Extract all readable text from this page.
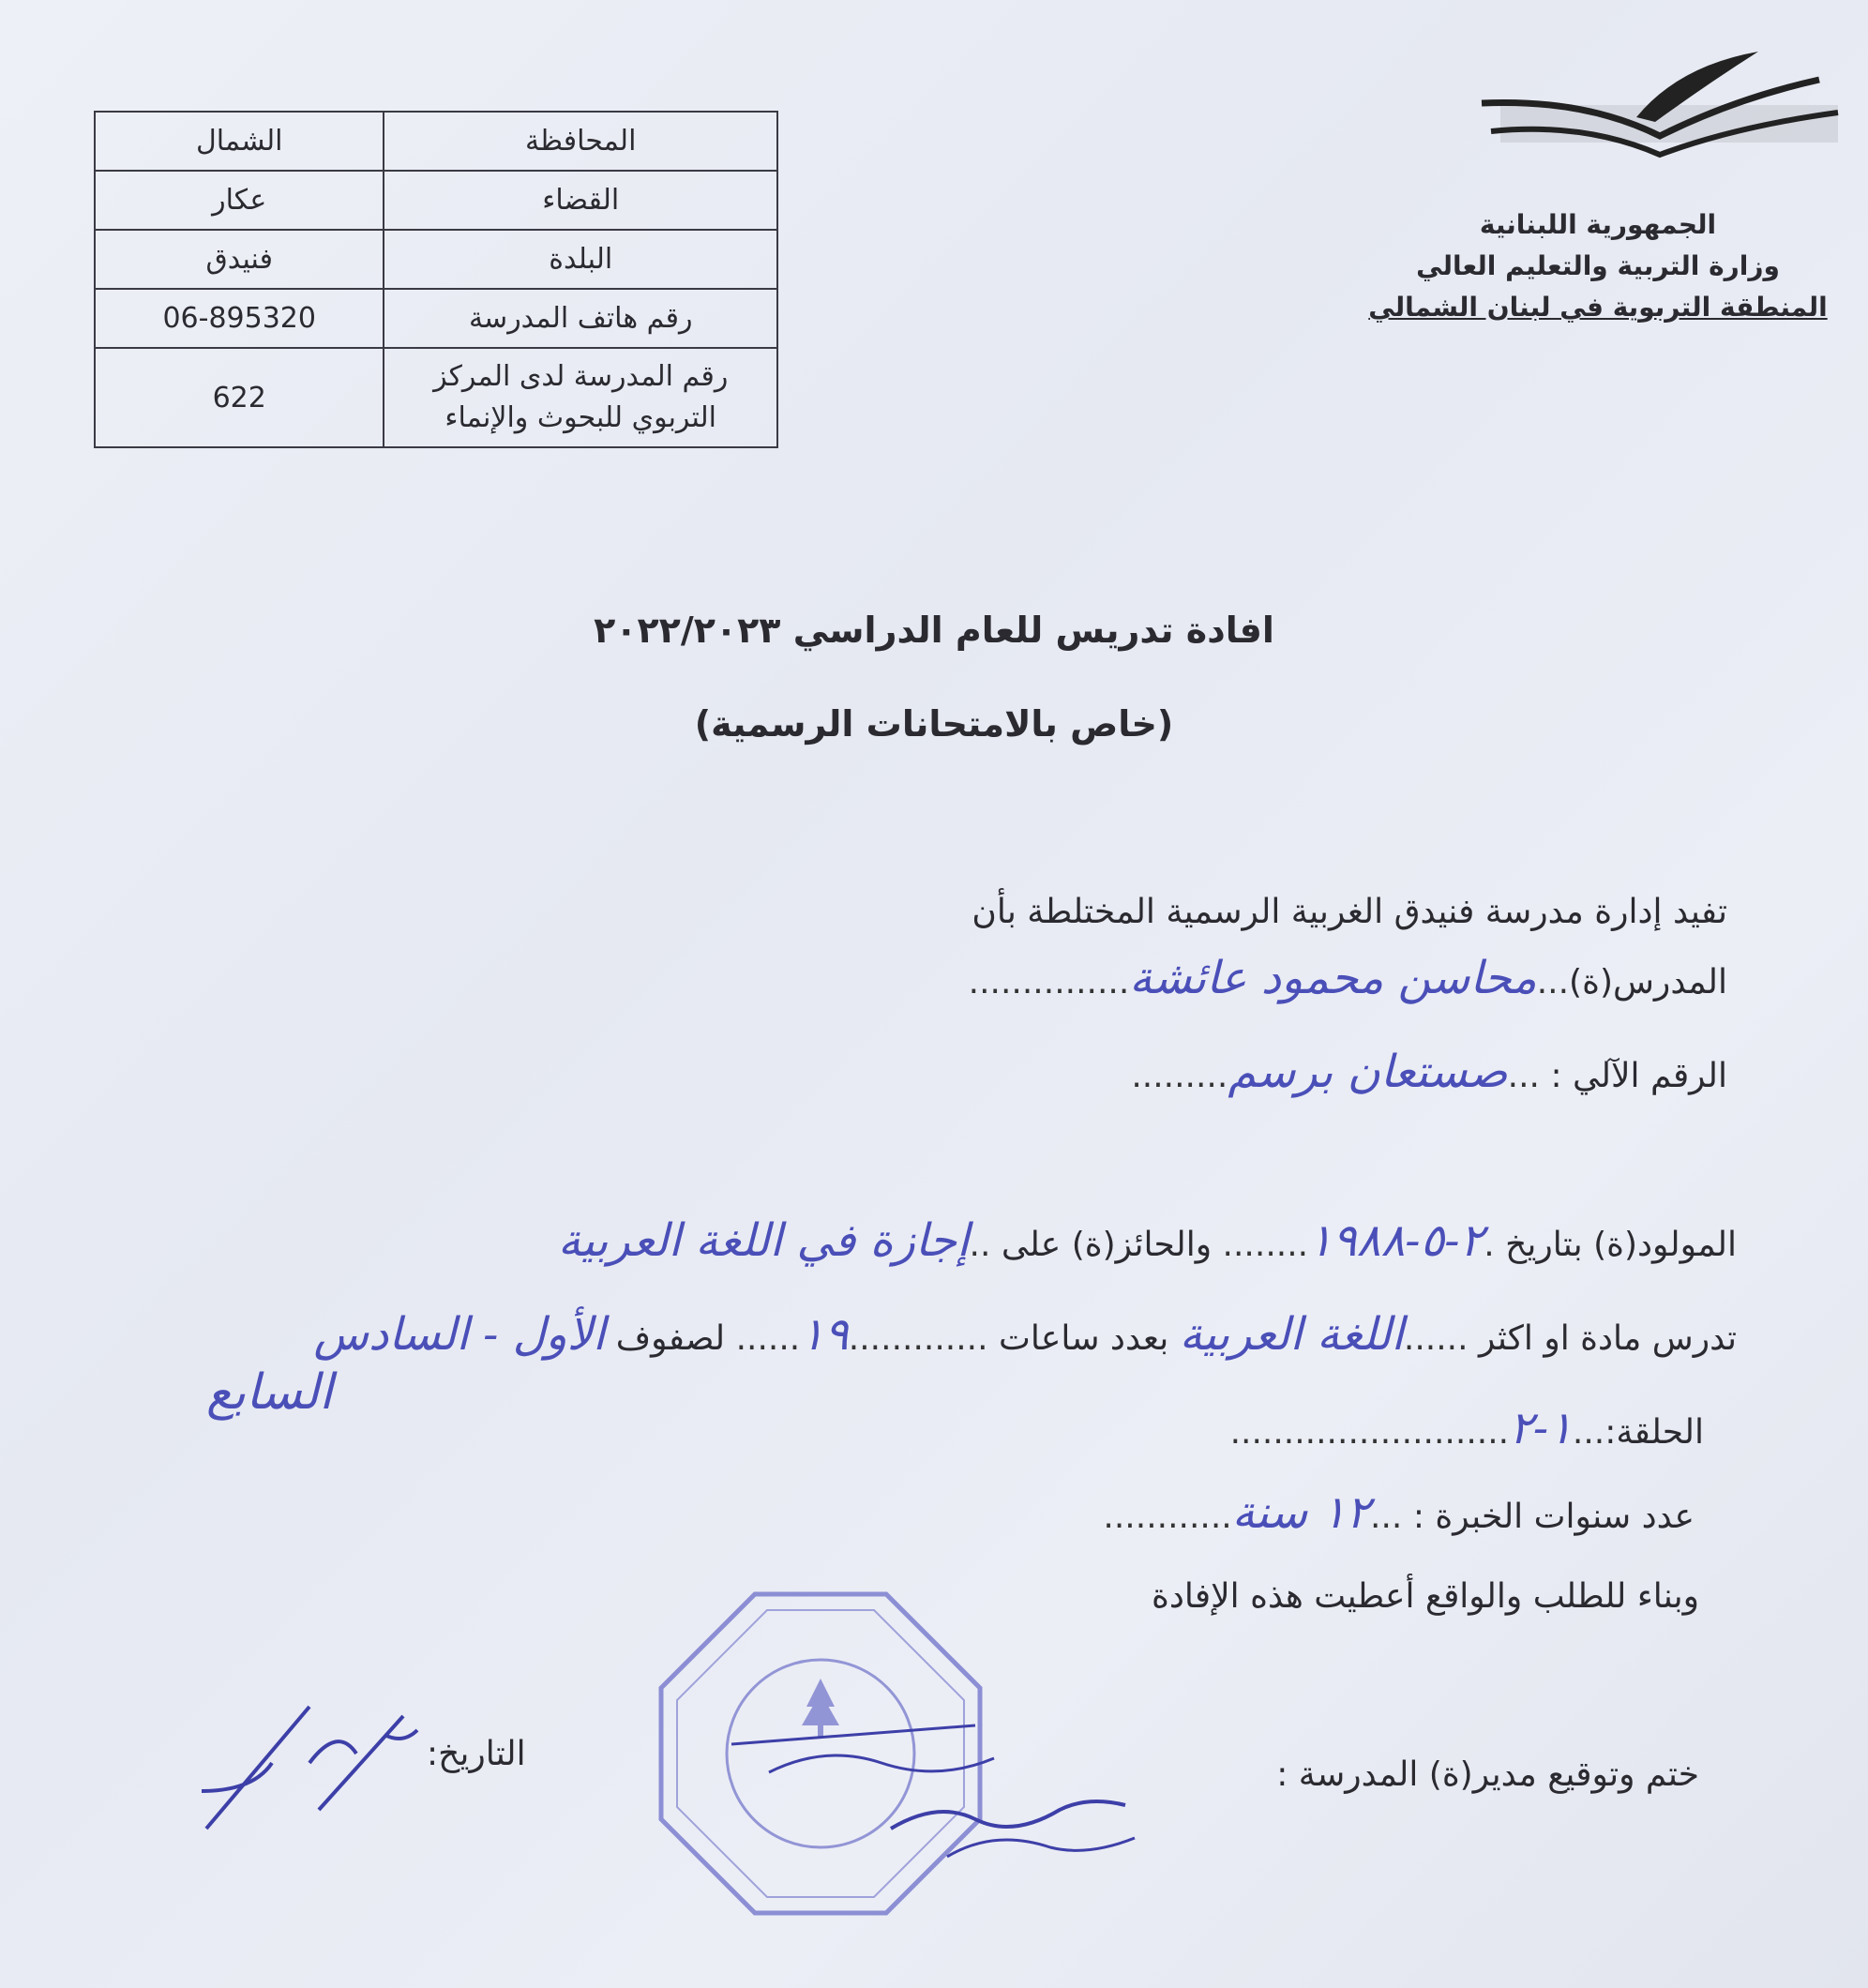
الجمهورية اللبنانية
وزارة التربية والتعليم العالي
المنطقة التربوية في لبنان الشمالي
المحافظة	الشمال
القضاء	عكار
البلدة	فنيدق
رقم هاتف المدرسة	06-895320

رقم المدرسة لدى المركز
التربوي للبحوث والإنماء	622
افادة تدريس للعام الدراسي ٢٠٢٢/٢٠٢٣
(خاص بالامتحانات الرسمية)
تفيد إدارة مدرسة فنيدق الغربية الرسمية المختلطة بأن
المدرس(ة)...محاسن محمود عائشة...............
الرقم الآلي : ...صستعان برسم.........
المولود(ة) بتاريخ .٢-٥-١٩٨٨........ والحائز(ة) على ..إجازة في اللغة العربية
تدرس مادة او اكثر ......اللغة العربية بعدد ساعات .............١٩...... لصفوف الأول - السادس
السابع
الحلقة:...١-٢..........................
عدد سنوات الخبرة : ...١٢ سنة............
وبناء للطلب والواقع أعطيت هذه الإفادة
ختم وتوقيع مدير(ة) المدرسة :
التاريخ:
